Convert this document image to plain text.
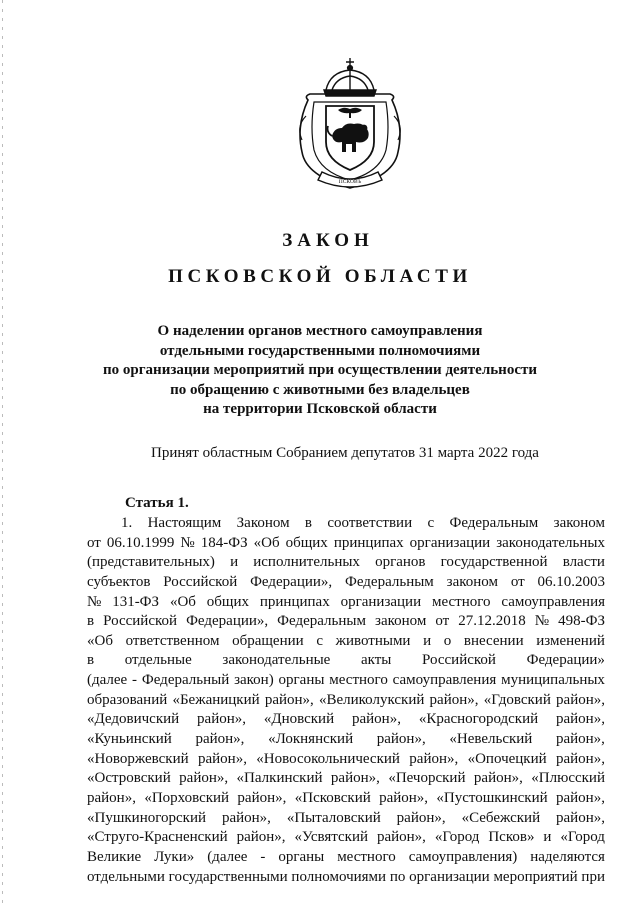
ПСКОВЪ
ЗАКОН
ПСКОВСКОЙ ОБЛАСТИ
О наделении органов местного самоуправления
отдельными государственными полномочиями
по организации мероприятий при осуществлении деятельности
по обращению с животными без владельцев
на территории Псковской области
Принят областным Собранием депутатов 31 марта 2022 года
Статья 1.
1. Настоящим Законом в соответствии с Федеральным законом
от 06.10.1999 № 184-ФЗ «Об общих принципах организации законодательных
(представительных) и исполнительных органов государственной власти
субъектов Российской Федерации», Федеральным законом от 06.10.2003
№ 131-ФЗ «Об общих принципах организации местного самоуправления
в Российской Федерации», Федеральным законом от 27.12.2018 № 498-ФЗ
«Об ответственном обращении с животными и о внесении изменений
в отдельные законодательные акты Российской Федерации»
(далее - Федеральный закон) органы местного самоуправления муниципальных
образований «Бежаницкий район», «Великолукский район», «Гдовский район»,
«Дедовичский район», «Дновский район», «Красногородский район»,
«Куньинский район», «Локнянский район», «Невельский район»,
«Новоржевский район», «Новосокольнический район», «Опочецкий район»,
«Островский район», «Палкинский район», «Печорский район», «Плюсский
район», «Порховский район», «Псковский район», «Пустошкинский район»,
«Пушкиногорский район», «Пыталовский район», «Себежский район»,
«Струго-Красненский район», «Усвятский район», «Город Псков» и «Город
Великие Луки» (далее - органы местного самоуправления) наделяются
отдельными государственными полномочиями по организации мероприятий при
